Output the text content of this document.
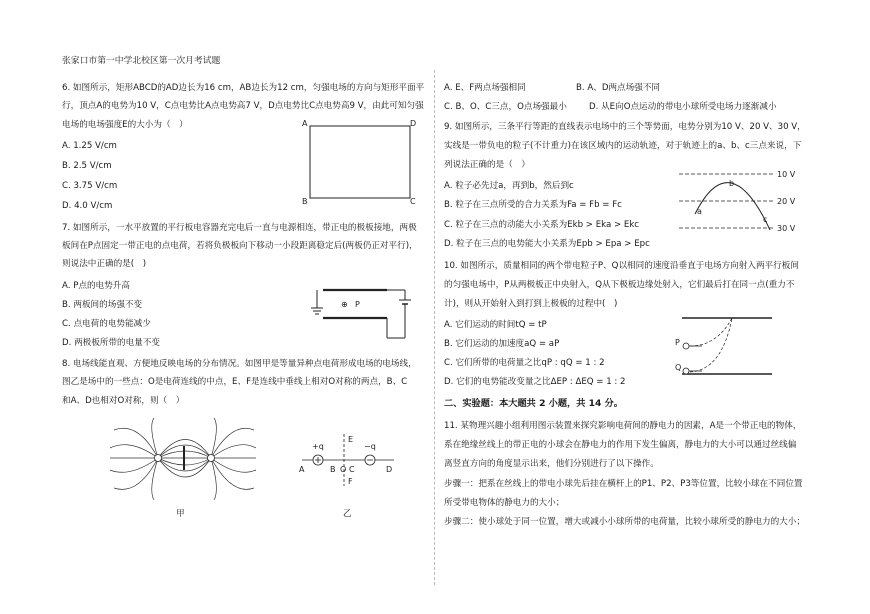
张家口市第一中学北校区第一次月考试题
6. 如图所示，矩形ABCD的AD边长为16 cm，AB边长为12 cm，匀强电场的方向与矩形平面平
行，顶点A的电势为10 V，C点电势比A点电势高7 V，D点电势比C点电势高9 V，由此可知匀强
电场的电场强度E的大小为（　）
A. 1.25 V/cm
B. 2.5 V/cm
C. 3.75 V/cm
D. 4.0 V/cm
A	D
B	C
7. 如图所示，一水平放置的平行板电容器充完电后一直与电源相连，带正电的极板接地，两极
板间在P点固定一带正电的点电荷，若将负极板向下移动一小段距离稳定后(两板仍正对平行)，
则说法中正确的是(　)
A. P点的电势升高
B. 两板间的场强不变
C. 点电荷的电势能减少
D. 两极板所带的电量不变
⊕ P
8. 电场线能直观、方便地反映电场的分布情况。如图甲是等量异种点电荷形成电场的电场线，
图乙是场中的一些点：O是电荷连线的中点，E、F是连线中垂线上相对O对称的两点，B、C
和A、D也相对O对称，则（　）
甲
+q	−q
A	B O C	D
E
F
乙
A. E、F两点场强相同	B. A、D两点场强不同
C. B、O、C三点，O点场强最小	D. 从E向O点运动的带电小球所受电场力逐渐减小
9. 如图所示，三条平行等距的直线表示电场中的三个等势面，电势分别为10 V、20 V、30 V，
实线是一带负电的粒子(不计重力)在该区域内的运动轨迹，对于轨迹上的a、b、c三点来说，下
列说法正确的是（　）
A. 粒子必先过a，再到b，然后到c
B. 粒子在三点所受的合力关系为Fa = Fb = Fc
C. 粒子在三点的动能大小关系为Ekb > Eka > Ekc
D. 粒子在三点的电势能大小关系为Epb > Epa > Epc
10 V
20 V
30 V
a
b
c
10. 如图所示，质量相同的两个带电粒子P、Q以相同的速度沿垂直于电场方向射入两平行板间
的匀强电场中，P从两极板正中央射入，Q从下极板边缘处射入，它们最后打在同一点(重力不
计)，则从开始射入到打到上极板的过程中(　)
A. 它们运动的时间tQ = tP
B. 它们运动的加速度aQ = aP
C. 它们所带的电荷量之比qP : qQ = 1 : 2
D. 它们的电势能改变量之比ΔEP : ΔEQ = 1 : 2
P
Q
二、实验题：本大题共 2 小题，共 14 分。
11. 某物理兴趣小组利用图示装置来探究影响电荷间的静电力的因素，A是一个带正电的物体，
系在绝缘丝线上的带正电的小球会在静电力的作用下发生偏离，静电力的大小可以通过丝线偏
离竖直方向的角度显示出来，他们分别进行了以下操作。
步骤一：把系在丝线上的带电小球先后挂在横杆上的P1、P2、P3等位置，比较小球在不同位置
所受带电物体的静电力的大小；
步骤二：使小球处于同一位置，增大或减小小球所带的电荷量，比较小球所受的静电力的大小；
